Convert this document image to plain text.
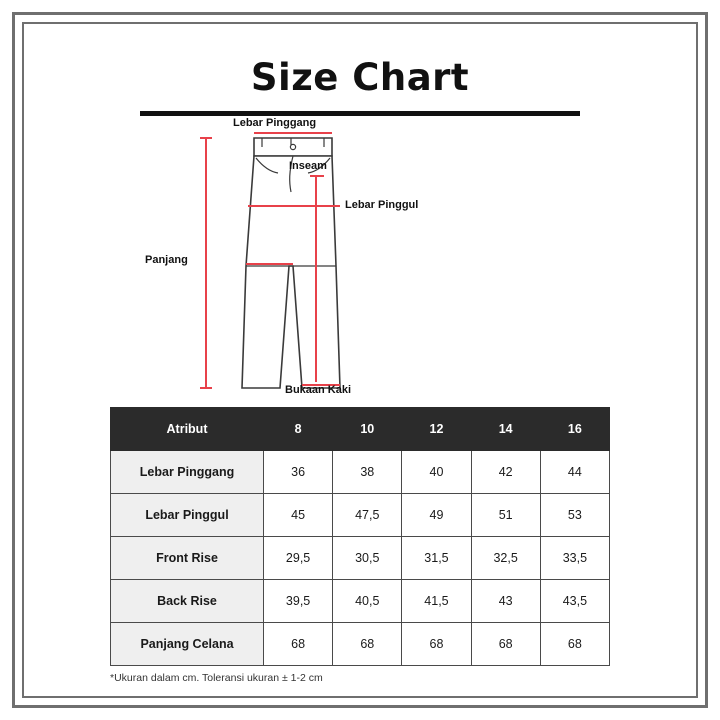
Size Chart
Lebar Pinggang
Inseam
Lebar Pinggul
Panjang
Bukaan Kaki
Atribut	8	10	12	14	16
Lebar Pinggang	36	38	40	42	44
Lebar Pinggul	45	47,5	49	51	53
Front Rise	29,5	30,5	31,5	32,5	33,5
Back Rise	39,5	40,5	41,5	43	43,5
Panjang Celana	68	68	68	68	68
*Ukuran dalam cm. Toleransi ukuran ± 1-2 cm
